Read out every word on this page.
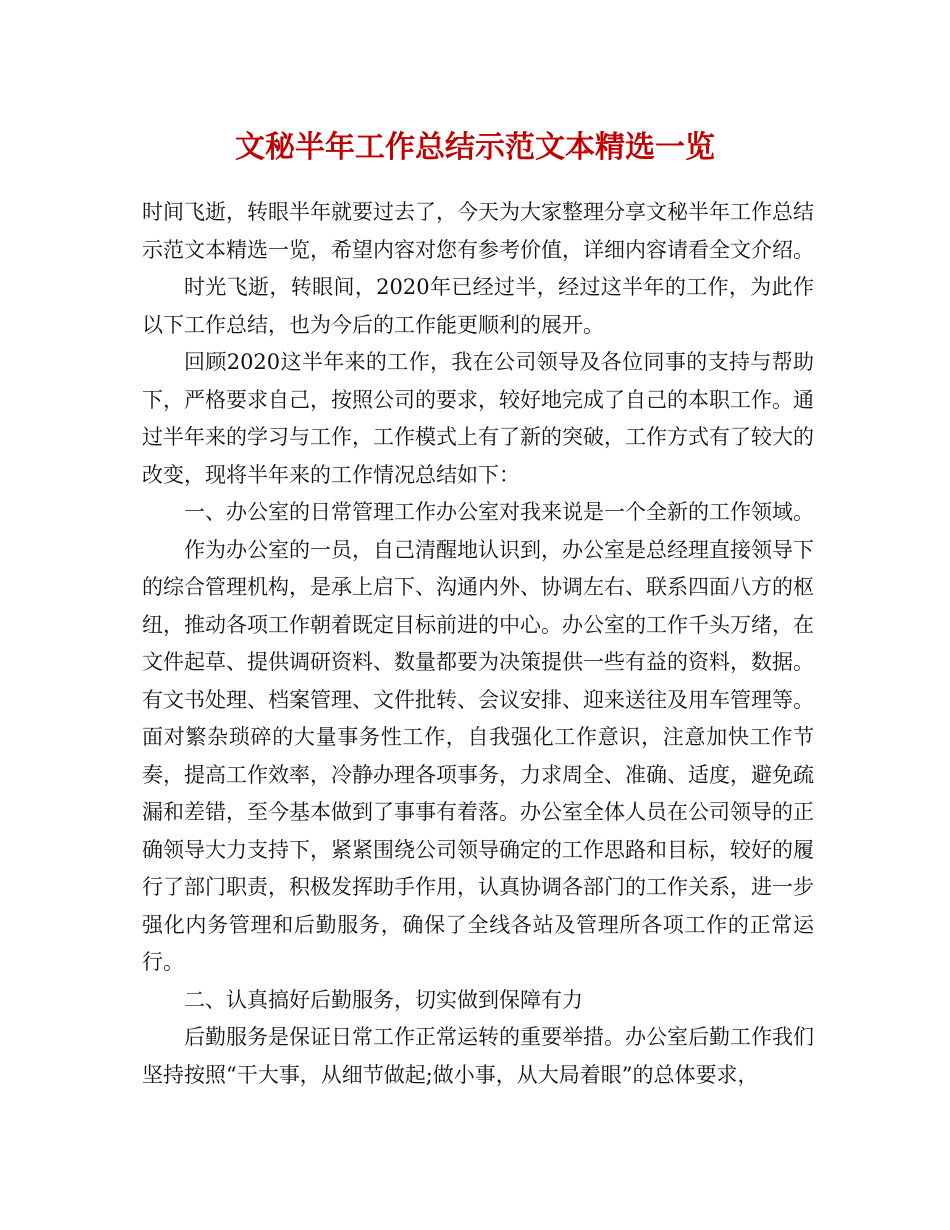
文秘半年工作总结示范文本精选一览

时间飞逝，转眼半年就要过去了，今天为大家整理分享文秘半年工作总结示范文本精选一览，希望内容对您有参考价值，详细内容请看全文介绍。

时光飞逝，转眼间，2020年已经过半，经过这半年的工作，为此作以下工作总结，也为今后的工作能更顺利的展开。

回顾2020这半年来的工作，我在公司领导及各位同事的支持与帮助下，严格要求自己，按照公司的要求，较好地完成了自己的本职工作。通过半年来的学习与工作，工作模式上有了新的突破，工作方式有了较大的改变，现将半年来的工作情况总结如下：

一、办公室的日常管理工作办公室对我来说是一个全新的工作领域。

作为办公室的一员，自己清醒地认识到，办公室是总经理直接领导下的综合管理机构，是承上启下、沟通内外、协调左右、联系四面八方的枢纽，推动各项工作朝着既定目标前进的中心。办公室的工作千头万绪，在文件起草、提供调研资料、数量都要为决策提供一些有益的资料，数据。有文书处理、档案管理、文件批转、会议安排、迎来送往及用车管理等。面对繁杂琐碎的大量事务性工作，自我强化工作意识，注意加快工作节奏，提高工作效率，冷静办理各项事务，力求周全、准确、适度，避免疏漏和差错，至今基本做到了事事有着落。办公室全体人员在公司领导的正确领导大力支持下，紧紧围绕公司领导确定的工作思路和目标，较好的履行了部门职责，积极发挥助手作用，认真协调各部门的工作关系，进一步强化内务管理和后勤服务，确保了全线各站及管理所各项工作的正常运行。

二、认真搞好后勤服务，切实做到保障有力

后勤服务是保证日常工作正常运转的重要举措。办公室后勤工作我们坚持按照“干大事，从细节做起;做小事，从大局着眼”的总体要求，
